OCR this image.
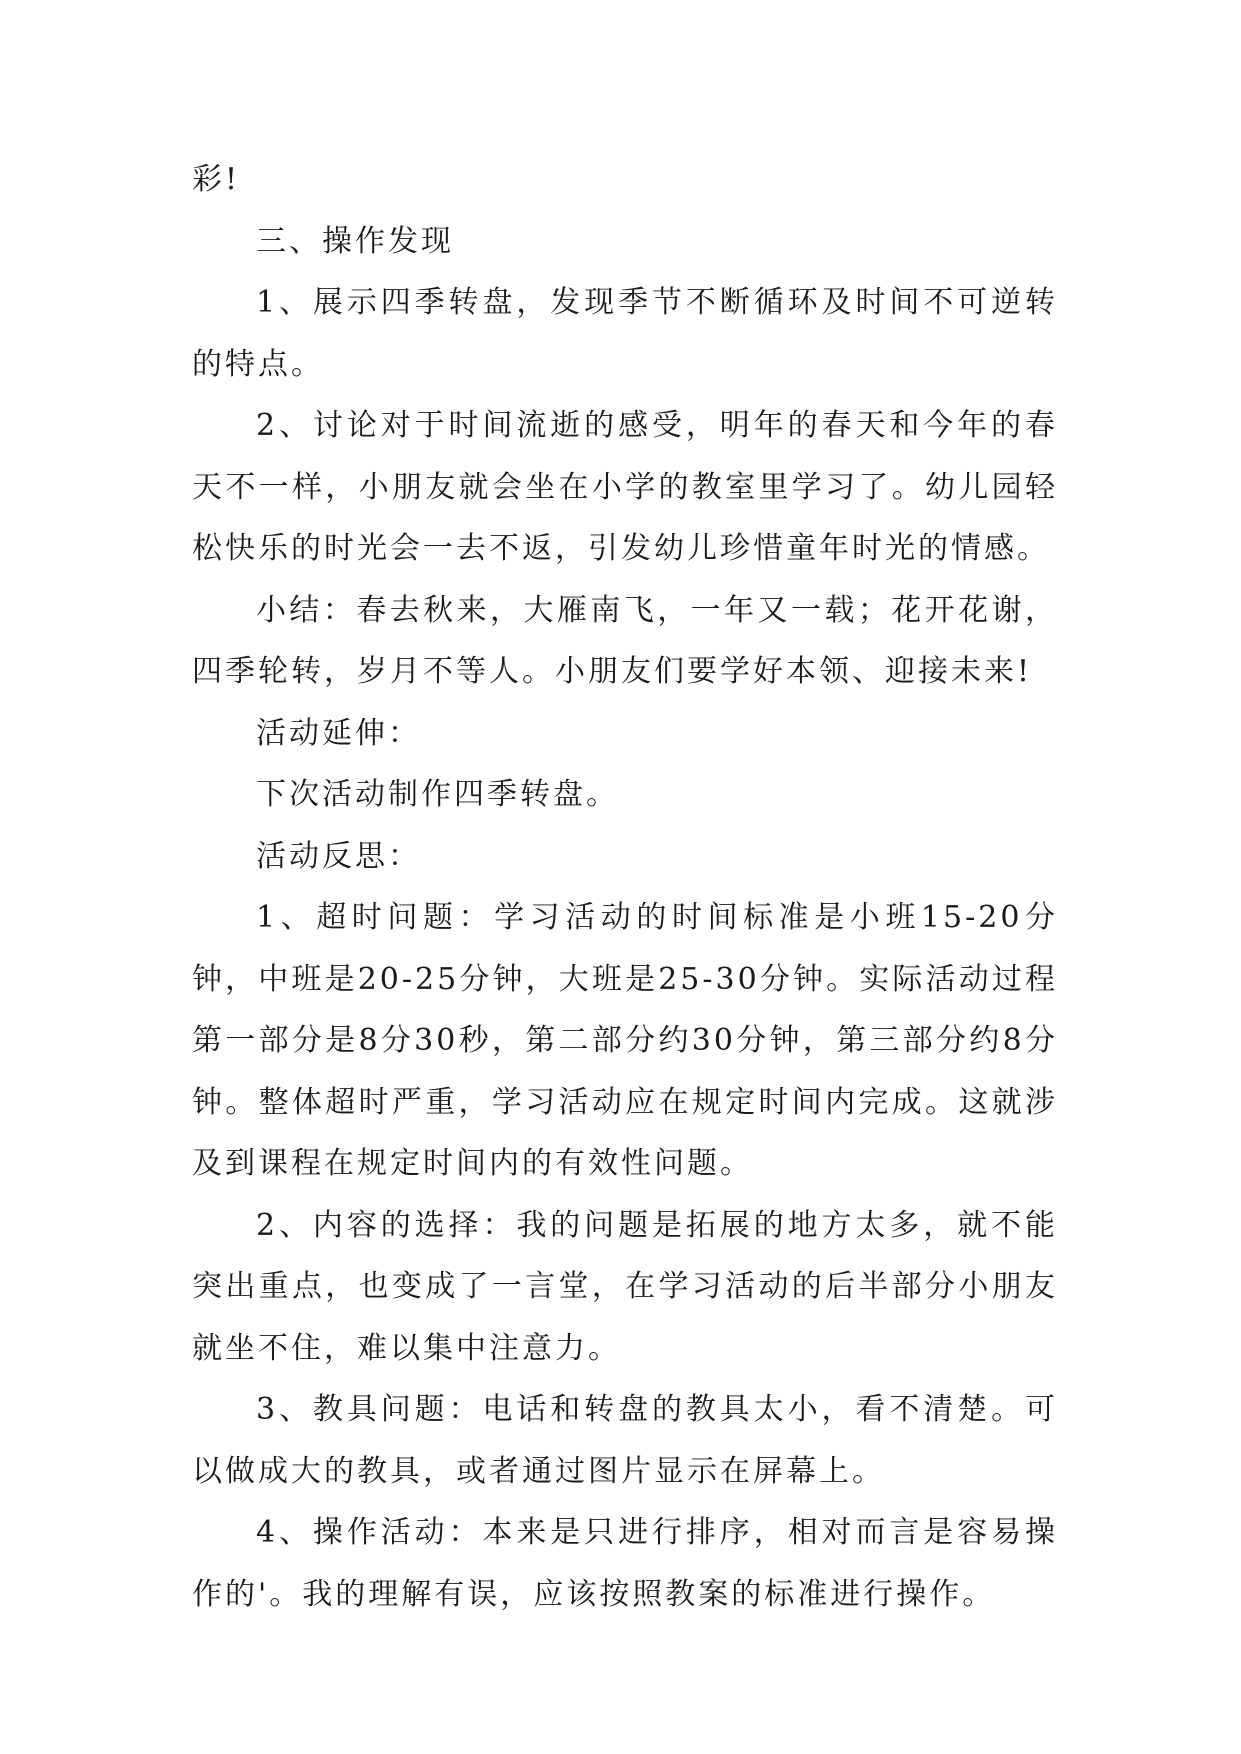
彩!

三、操作发现

1、展示四季转盘，发现季节不断循环及时间不可逆转的特点。

2、讨论对于时间流逝的感受，明年的春天和今年的春天不一样，小朋友就会坐在小学的教室里学习了。幼儿园轻松快乐的时光会一去不返，引发幼儿珍惜童年时光的情感。

小结：春去秋来，大雁南飞，一年又一载；花开花谢，四季轮转，岁月不等人。小朋友们要学好本领、迎接未来!

活动延伸：

下次活动制作四季转盘。

活动反思：

1、超时问题：学习活动的时间标准是小班15-20分钟，中班是20-25分钟，大班是25-30分钟。实际活动过程第一部分是8分30秒，第二部分约30分钟，第三部分约8分钟。整体超时严重，学习活动应在规定时间内完成。这就涉及到课程在规定时间内的有效性问题。

2、内容的选择：我的问题是拓展的地方太多，就不能突出重点，也变成了一言堂，在学习活动的后半部分小朋友就坐不住，难以集中注意力。

3、教具问题：电话和转盘的教具太小，看不清楚。可以做成大的教具，或者通过图片显示在屏幕上。

4、操作活动：本来是只进行排序，相对而言是容易操作的'。我的理解有误，应该按照教案的标准进行操作。
